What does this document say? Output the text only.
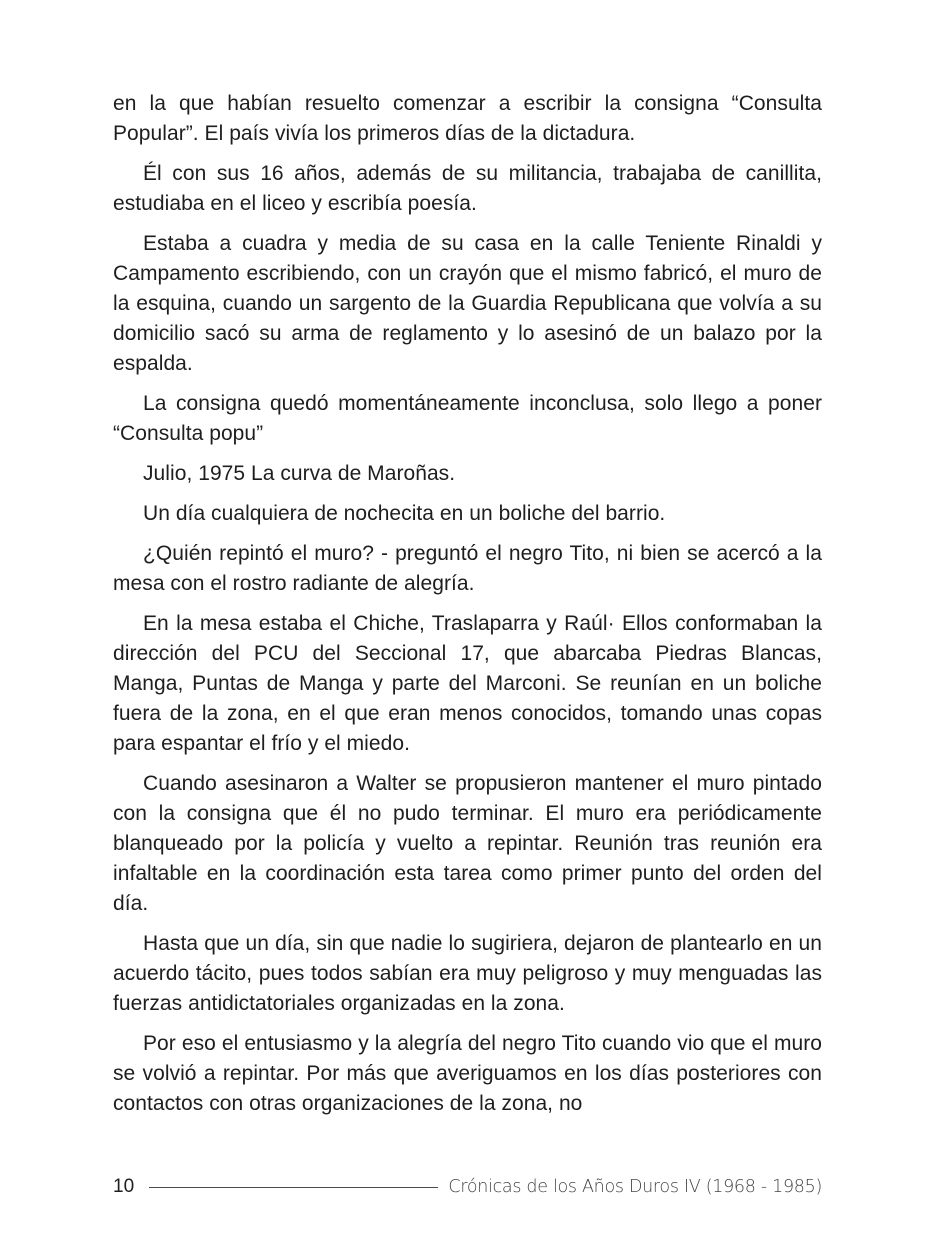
en la que habían resuelto comenzar a escribir la consigna “Consulta Popular”. El país vivía los primeros días de la dictadura.

Él con sus 16 años, además de su militancia, trabajaba de canillita, estudiaba en el liceo y escribía poesía.

Estaba a cuadra y media de su casa en la calle Teniente Rinaldi y Campamento escribiendo, con un crayón que el mismo fabricó, el muro de la esquina, cuando un sargento de la Guardia Republicana que volvía a su domicilio sacó su arma de reglamento y lo asesinó de un balazo por la espalda.

La consigna quedó momentáneamente inconclusa, solo llego a poner “Consulta popu”

Julio, 1975 La curva de Maroñas.

Un día cualquiera de nochecita en un boliche del barrio.

¿Quién repintó el muro? - preguntó el negro Tito, ni bien se acercó a la mesa con el rostro radiante de alegría.

En la mesa estaba el Chiche, Traslaparra y Raúl· Ellos conformaban la dirección del PCU del Seccional 17, que abarcaba Piedras Blancas, Manga, Puntas de Manga y parte del Marconi. Se reunían en un boliche fuera de la zona, en el que eran menos conocidos, tomando unas copas para espantar el frío y el miedo.

Cuando asesinaron a Walter se propusieron mantener el muro pintado con la consigna que él no pudo terminar. El muro era periódicamente blanqueado por la policía y vuelto a repintar. Reunión tras reunión era infaltable en la coordinación esta tarea como primer punto del orden del día.

Hasta que un día, sin que nadie lo sugiriera, dejaron de plantearlo en un acuerdo tácito, pues todos sabían era muy peligroso y muy menguadas las fuerzas antidictatoriales organizadas en la zona.

Por eso el entusiasmo y la alegría del negro Tito cuando vio que el muro se volvió a repintar. Por más que averiguamos en los días posteriores con contactos con otras organizaciones de la zona, no

10	Crónicas de los Años Duros IV (1968 - 1985)
